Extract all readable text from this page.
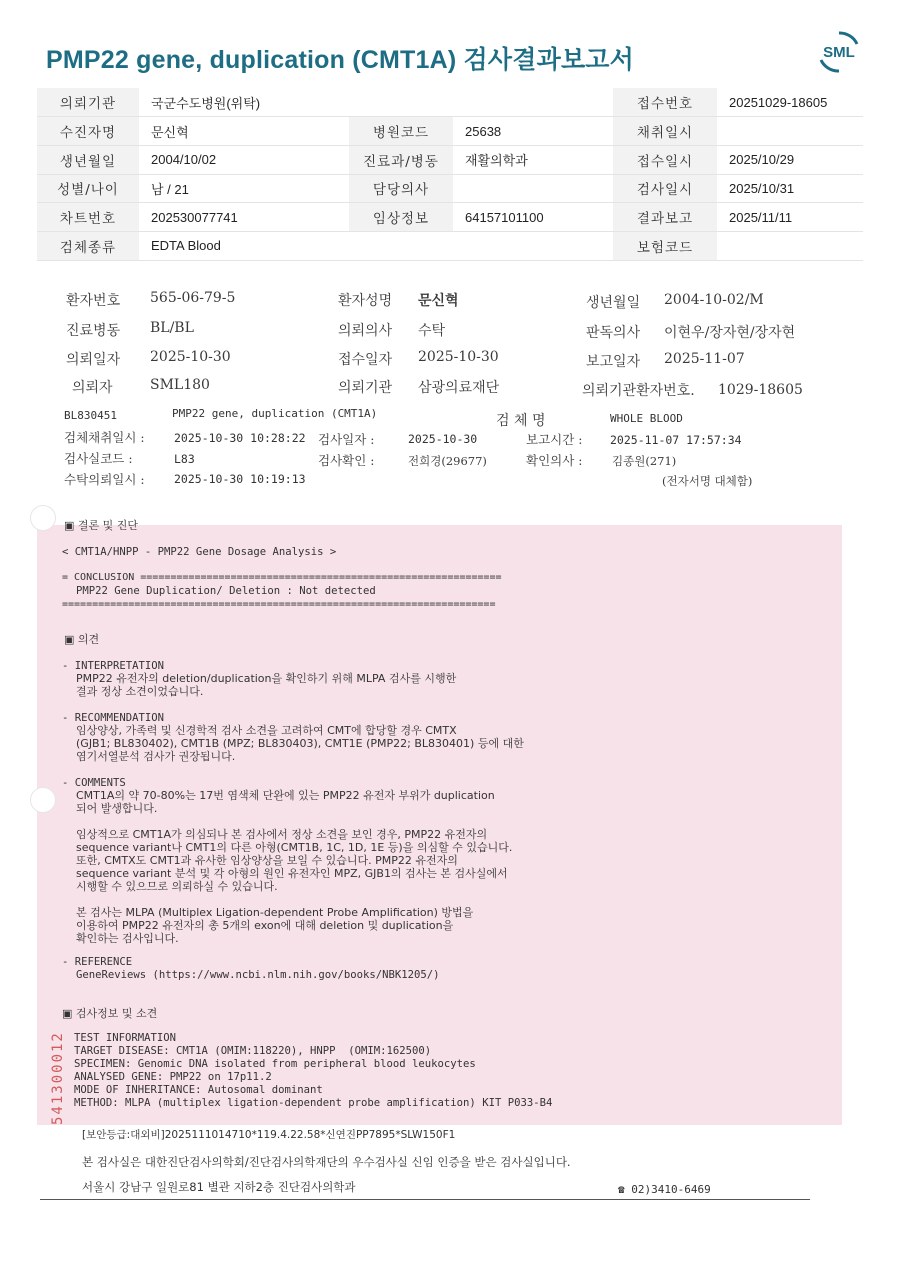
PMP22 gene, duplication (CMT1A) 검사결과보고서	SML
의뢰기관	국군수도병원(위탁)			접수번호	20251029-18605
수진자명	문신혁	병원코드	25638	채취일시	
생년월일	2004/10/02	진료과/병동	재활의학과	접수일시	2025/10/29
성별/나이	남 / 21	담당의사		검사일시	2025/10/31
차트번호	202530077741	임상정보	64157101100	결과보고	2025/11/11
검체종류	EDTA Blood			보험코드	
환자번호 565-06-79-5	환자성명 문신혁	생년월일 2004-10-02/M
진료병동 BL/BL	의뢰의사 수탁	판독의사 이현우/장자현/장자현
의뢰일자 2025-10-30	접수일자 2025-10-30	보고일자 2025-11-07
의뢰자	SML180	의뢰기관 삼광의료재단	의뢰기관환자번호. 1029-18605
BL830451	PMP22 gene, duplication (CMT1A)	검 체 명	WHOLE BLOOD
검체채취일시 :	2025-10-30 10:28:22 검사일자 :	2025-10-30	보고시간 : 2025-11-07 17:57:34
검사실코드 :	L83	검사확인 :	전희경(29677)	확인의사 :	김종원(271)
수탁의뢰일시 :	2025-10-30 10:19:13	(전자서명 대체함)
▣ 결론 및 진단
< CMT1A/HNPP - PMP22 Gene Dosage Analysis >
= CONCLUSION ============================================================
PMP22 Gene Duplication/ Deletion : Not detected
========================================================================
▣ 의견
- INTERPRETATION
PMP22 유전자의 deletion/duplication을 확인하기 위해 MLPA 검사를 시행한
결과 정상 소견이었습니다.
- RECOMMENDATION
임상양상, 가족력 및 신경학적 검사 소견을 고려하여 CMT에 합당할 경우 CMTX
(GJB1; BL830402), CMT1B (MPZ; BL830403), CMT1E (PMP22; BL830401) 등에 대한
염기서열분석 검사가 권장됩니다.
- COMMENTS
CMT1A의 약 70-80%는 17번 염색체 단완에 있는 PMP22 유전자 부위가 duplication
되어 발생합니다.
임상적으로 CMT1A가 의심되나 본 검사에서 정상 소견을 보인 경우, PMP22 유전자의
sequence variant나 CMT1의 다른 아형(CMT1B, 1C, 1D, 1E 등)을 의심할 수 있습니다.
또한, CMTX도 CMT1과 유사한 임상양상을 보일 수 있습니다. PMP22 유전자의
sequence variant 분석 및 각 아형의 원인 유전자인 MPZ, GJB1의 검사는 본 검사실에서
시행할 수 있으므로 의뢰하실 수 있습니다.
본 검사는 MLPA (Multiplex Ligation-dependent Probe Amplification) 방법을
이용하여 PMP22 유전자의 총 5개의 exon에 대해 deletion 및 duplication을
확인하는 검사입니다.
- REFERENCE
GeneReviews (https://www.ncbi.nlm.nih.gov/books/NBK1205/)
▣ 검사정보 및 소견
TEST INFORMATION
TARGET DISEASE: CMT1A (OMIM:118220), HNPP  (OMIM:162500)
SPECIMEN: Genomic DNA isolated from peripheral blood leukocytes
ANALYSED GENE: PMP22 on 17p11.2
MODE OF INHERITANCE: Autosomal dominant
METHOD: MLPA (multiplex ligation-dependent probe amplification) KIT P033-B4
[보안등급:대외비]2025111014710*119.4.22.58*신연진PP7895*SLW150F1
본 검사실은 대한진단검사의학회/진단검사의학재단의 우수검사실 신임 인증을 받은 검사실입니다.
서울시 강남구 일원로81 별관 지하2층 진단검사의학과	☎ 02)3410-6469
541300012
